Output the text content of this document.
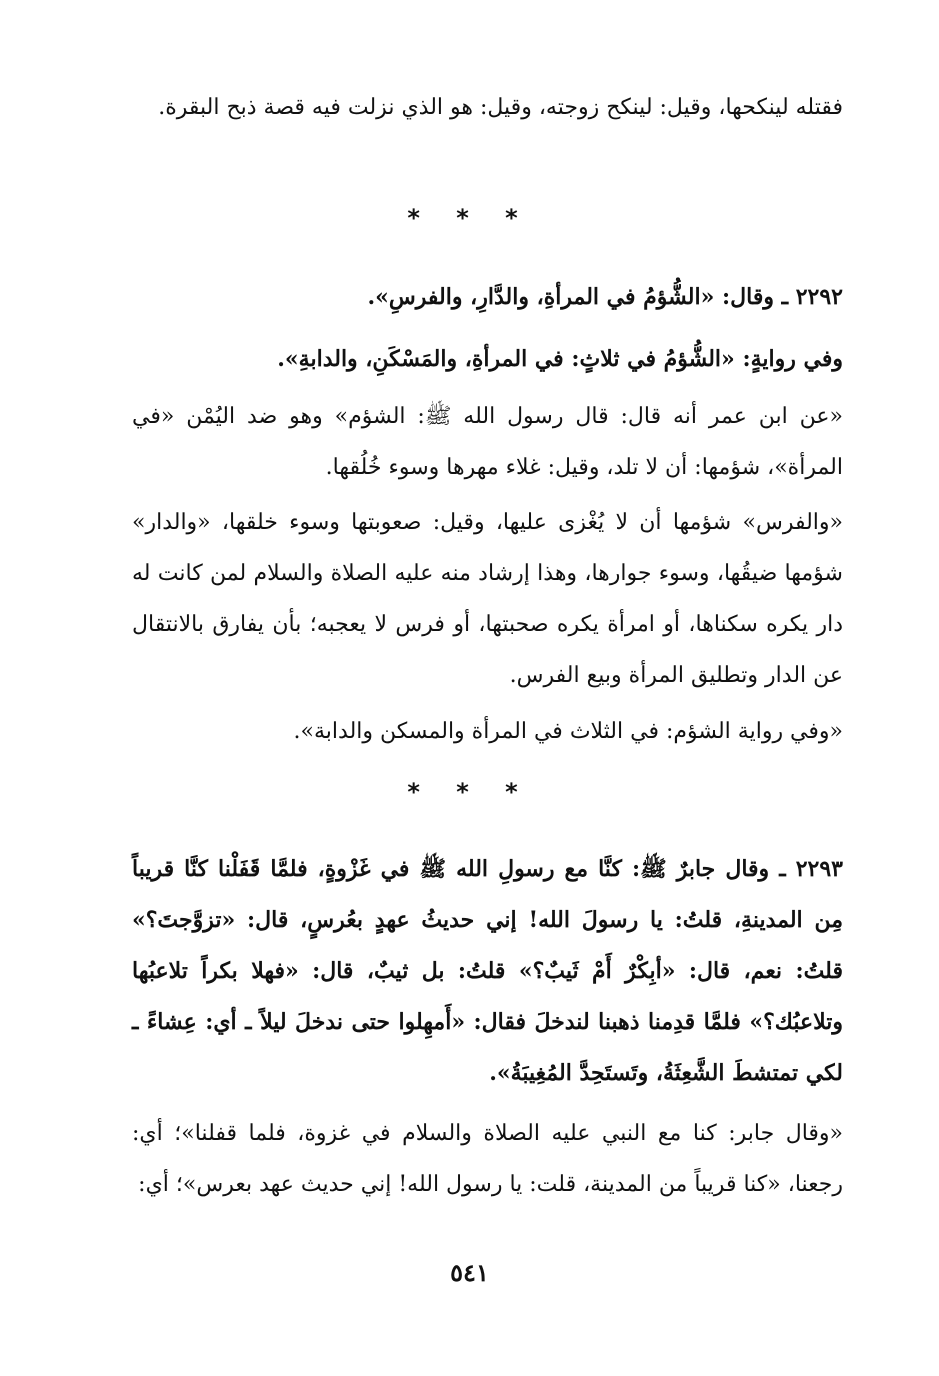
فقتله لينكحها، وقيل: لينكح زوجته، وقيل: هو الذي نزلت فيه قصة ذبح البقرة.

* * *

٢٢٩٢ ـ وقال: «الشُّؤمُ في المرأةِ، والدَّارِ، والفرسِ».

وفي روايةٍ: «الشُّؤمُ في ثلاثٍ: في المرأةِ، والمَسْكَنِ، والدابةِ».

«عن ابن عمر أنه قال: قال رسول الله ﷺ: الشؤم» وهو ضد اليُمْن «في المرأة»، شؤمها: أن لا تلد، وقيل: غلاء مهرها وسوء خُلُقها.

«والفرس» شؤمها أن لا يُغْزى عليها، وقيل: صعوبتها وسوء خلقها، «والدار» شؤمها ضيقُها، وسوء جوارها، وهذا إرشاد منه عليه الصلاة والسلام لمن كانت له دار يكره سكناها، أو امرأة يكره صحبتها، أو فرس لا يعجبه؛ بأن يفارق بالانتقال عن الدار وتطليق المرأة وبيع الفرس.

«وفي رواية الشؤم: في الثلاث في المرأة والمسكن والدابة».

* * *

٢٢٩٣ ـ وقال جابرٌ ﷺ: كنَّا مع رسولِ الله ﷺ في غَزْوةٍ، فلمَّا قَفَلْنا كنَّا قريباً مِن المدينةِ، قلتُ: يا رسولَ الله! إني حديثُ عهدٍ بعُرسٍ، قال: «تزوَّجتَ؟» قلتُ: نعم، قال: «أبِكْرٌ أَمْ ثَيبٌ؟» قلتُ: بل ثيبٌ، قال: «فهلا بكراً تلاعبُها وتلاعبُك؟» فلمَّا قدِمنا ذهبنا لندخلَ فقال: «أَمهِلوا حتى ندخلَ ليلاً ـ أي: عِشاءً ـ لكي تمتشطَ الشَّعِثَةُ، وتَستَحِدَّ المُغِيبَةُ».

«وقال جابر: كنا مع النبي عليه الصلاة والسلام في غزوة، فلما قفلنا»؛ أي: رجعنا، «كنا قريباً من المدينة، قلت: يا رسول الله! إني حديث عهد بعرس»؛ أي:

٥٤١
